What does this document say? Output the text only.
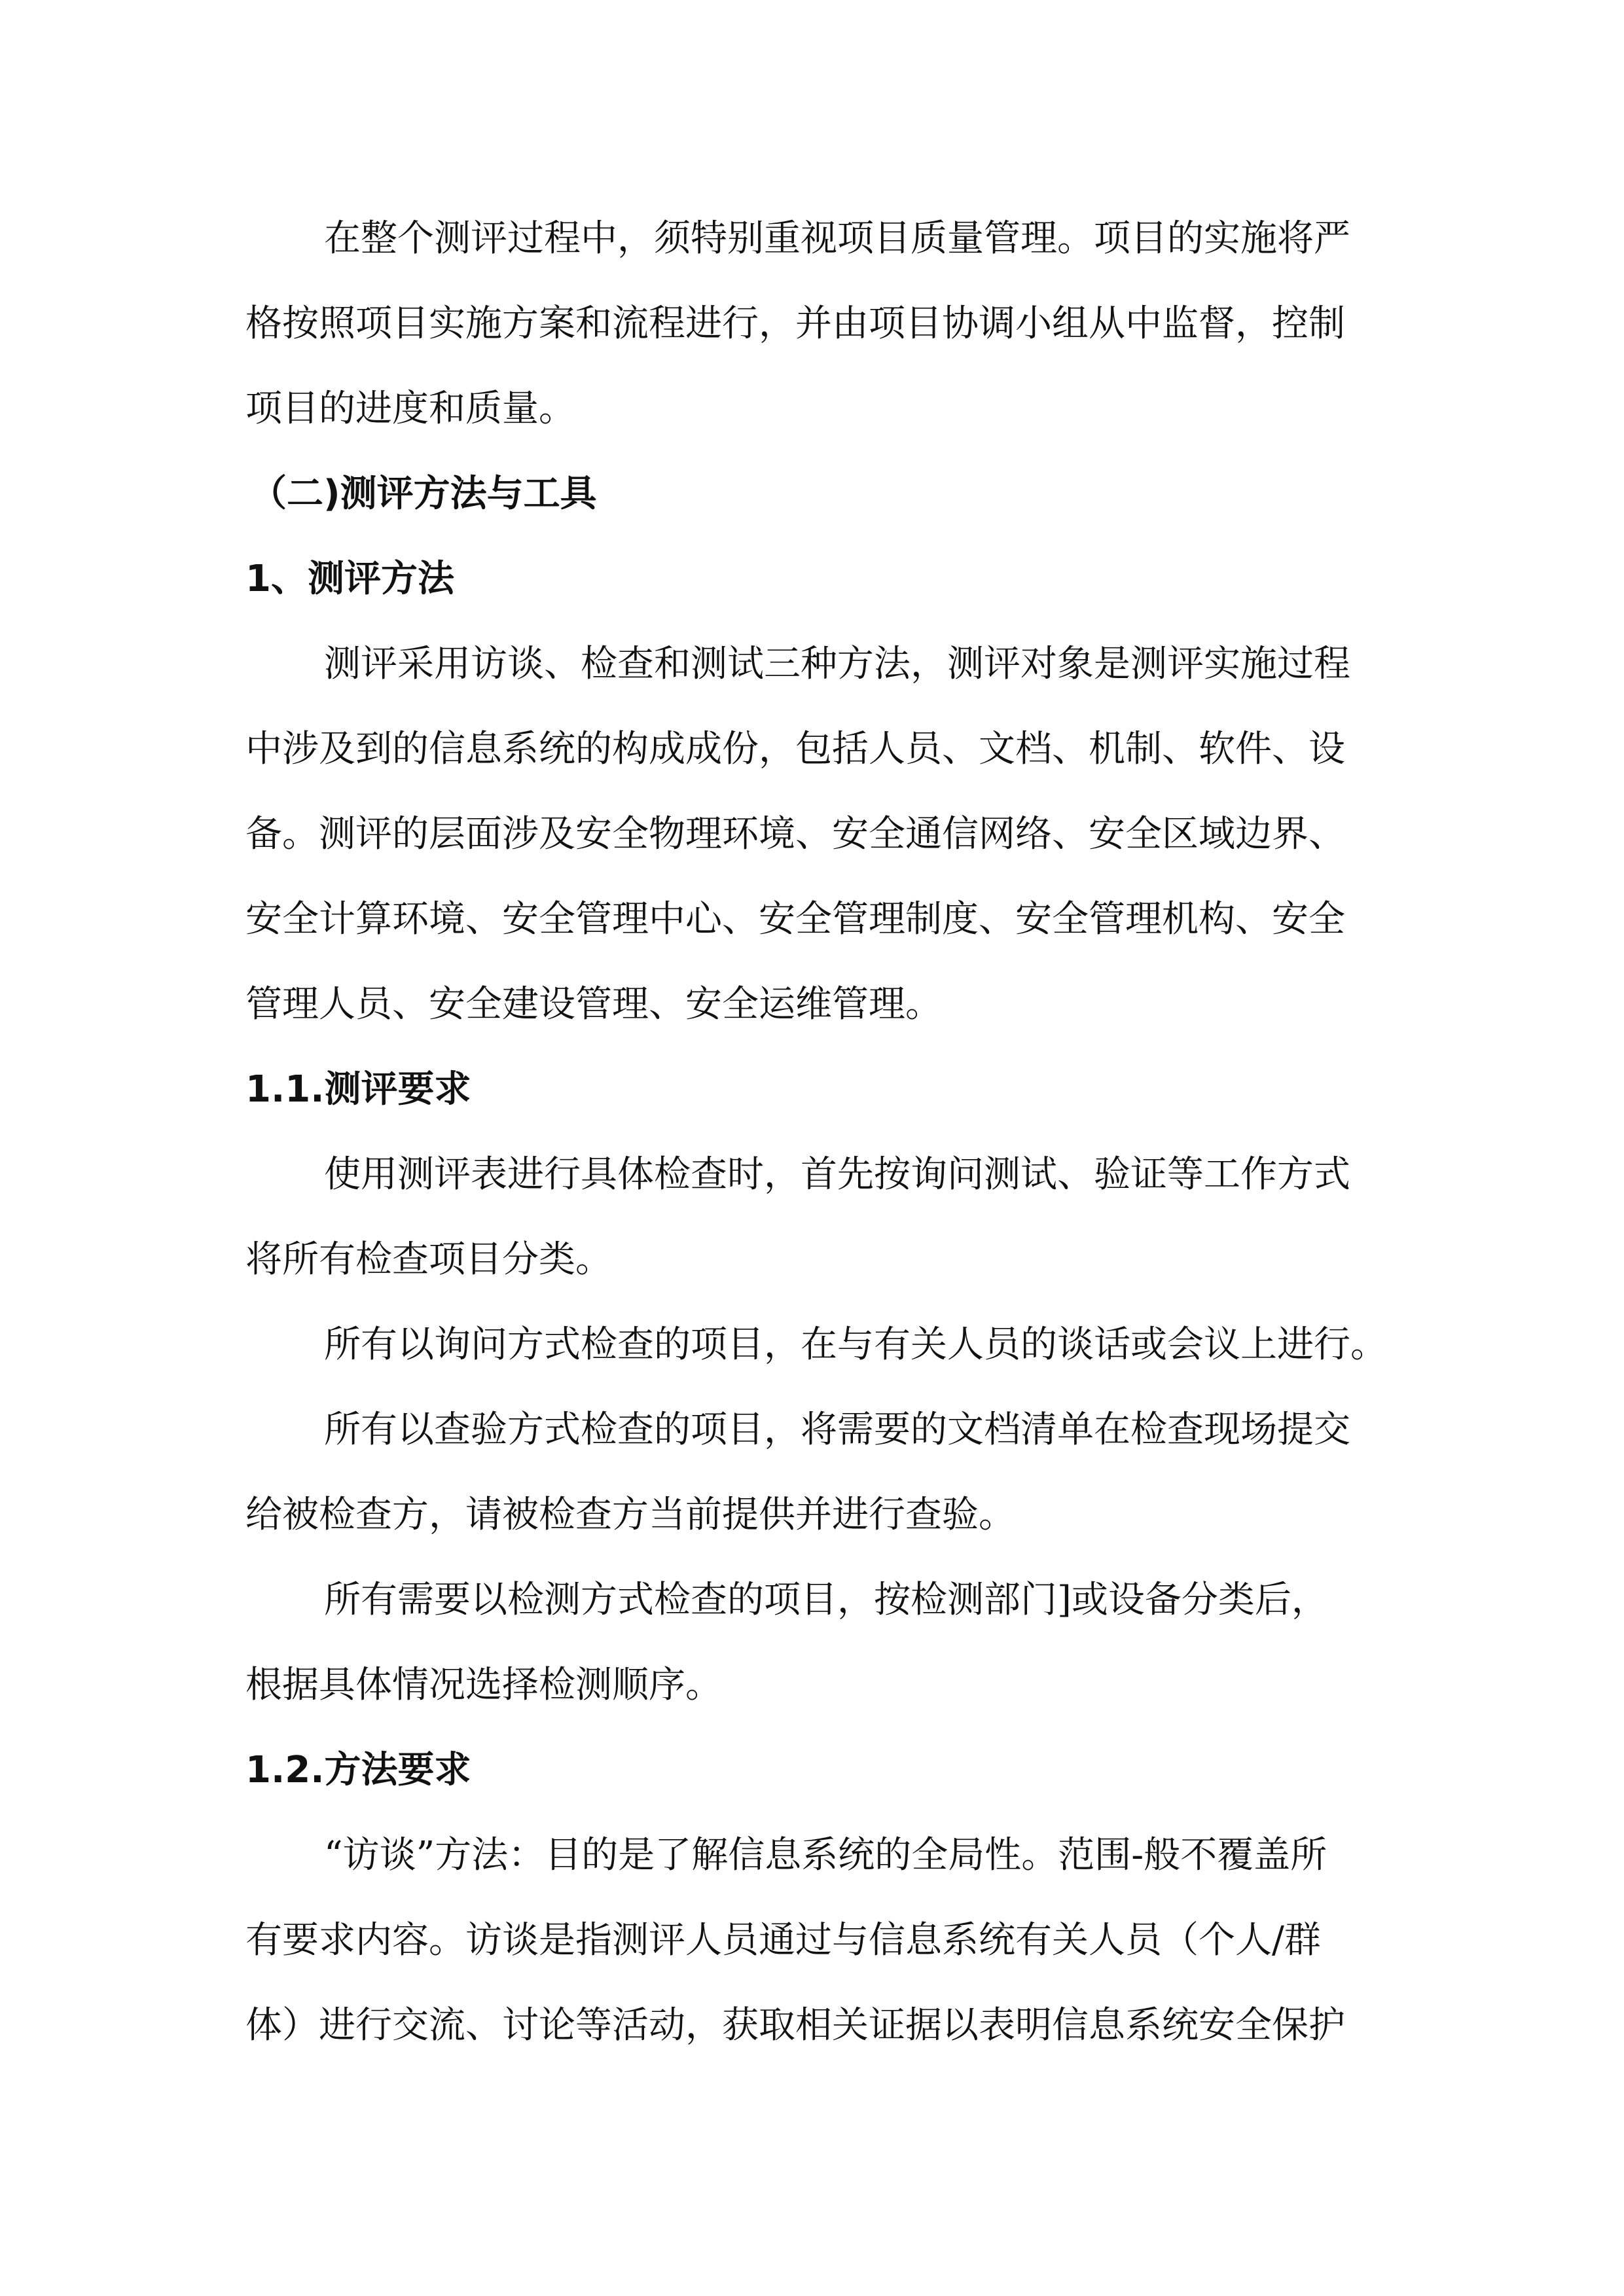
在整个测评过程中，须特别重视项目质量管理。项目的实施将严
格按照项目实施方案和流程进行，并由项目协调小组从中监督，控制
项目的进度和质量。
（二)测评方法与工具
1、测评方法
测评采用访谈、检查和测试三种方法，测评对象是测评实施过程
中涉及到的信息系统的构成成份，包括人员、文档、机制、软件、设
备。测评的层面涉及安全物理环境、安全通信网络、安全区域边界、
安全计算环境、安全管理中心、安全管理制度、安全管理机构、安全
管理人员、安全建设管理、安全运维管理。
1.1.测评要求
使用测评表进行具体检查时，首先按询问测试、验证等工作方式
将所有检查项目分类。
所有以询问方式检查的项目，在与有关人员的谈话或会议上进行。
所有以查验方式检查的项目，将需要的文档清单在检查现场提交
给被检查方，请被检查方当前提供并进行查验。
所有需要以检测方式检查的项目，按检测部门]或设备分类后，
根据具体情况选择检测顺序。
1.2.方法要求
“访谈”方法：目的是了解信息系统的全局性。范围-般不覆盖所
有要求内容。访谈是指测评人员通过与信息系统有关人员（个人/群
体）进行交流、讨论等活动，获取相关证据以表明信息系统安全保护
